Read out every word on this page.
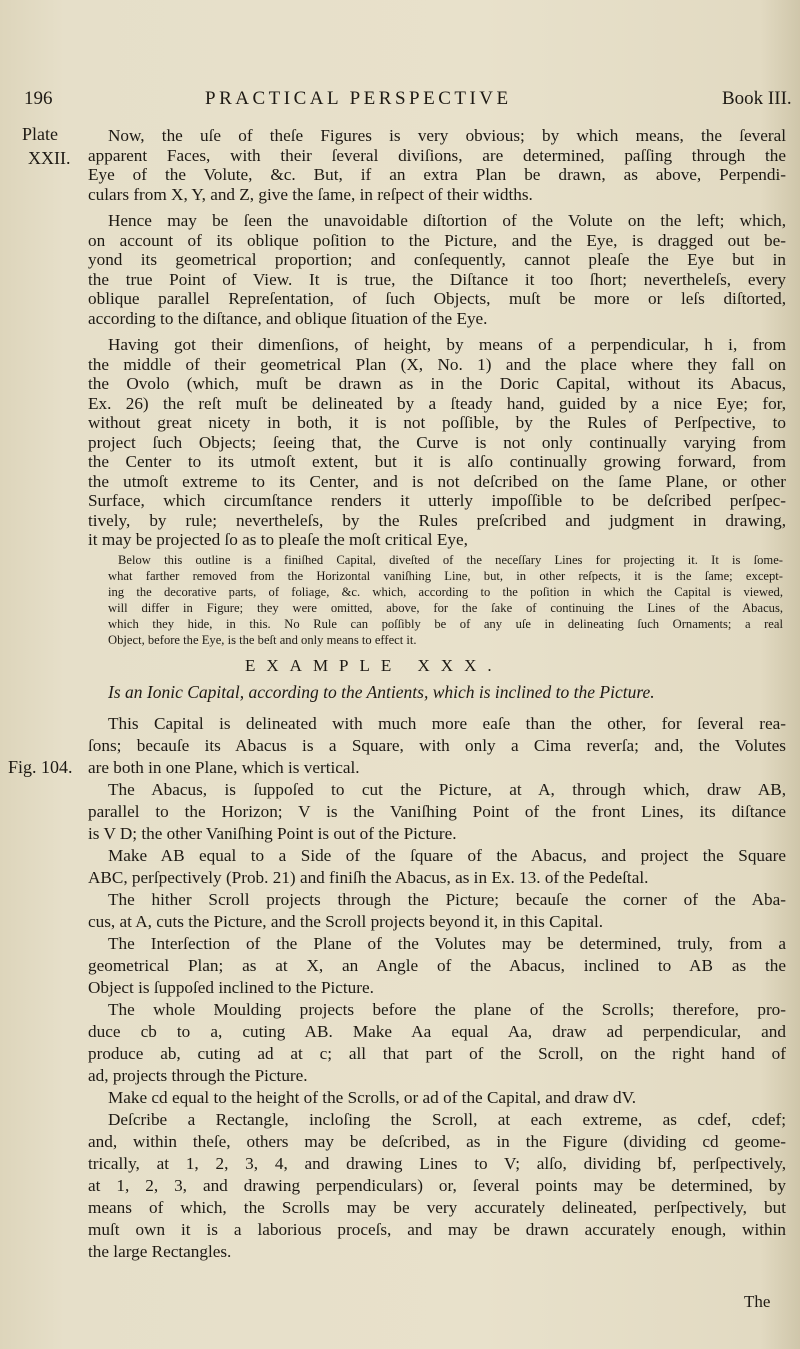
196	PRACTICAL PERSPECTIVE	Book III.
Plate
XXII.
Fig. 104.
Now, the uſe of theſe Figures is very obvious; by which means, the ſeveral
apparent Faces, with their ſeveral diviſions, are determined, paſſing through the
Eye of the Volute, &c. But, if an extra Plan be drawn, as above, Perpendi-
culars from X, Y, and Z, give the ſame, in reſpect of their widths.
Hence may be ſeen the unavoidable diſtortion of the Volute on the left; which,
on account of its oblique poſition to the Picture, and the Eye, is dragged out be-
yond its geometrical proportion; and conſequently, cannot pleaſe the Eye but in
the true Point of View. It is true, the Diſtance it too ſhort; nevertheleſs, every
oblique parallel Repreſentation, of ſuch Objects, muſt be more or leſs diſtorted,
according to the diſtance, and oblique ſituation of the Eye.
Having got their dimenſions, of height, by means of a perpendicular, h i, from
the middle of their geometrical Plan (X, No. 1) and the place where they fall on
the Ovolo (which, muſt be drawn as in the Doric Capital, without its Abacus,
Ex. 26) the reſt muſt be delineated by a ſteady hand, guided by a nice Eye; for,
without great nicety in both, it is not poſſible, by the Rules of Perſpective, to
project ſuch Objects; ſeeing that, the Curve is not only continually varying from
the Center to its utmoſt extent, but it is alſo continually growing forward, from
the utmoſt extreme to its Center, and is not deſcribed on the ſame Plane, or other
Surface, which circumſtance renders it utterly impoſſible to be deſcribed perſpec-
tively, by rule; nevertheleſs, by the Rules preſcribed and judgment in drawing,
it may be projected ſo as to pleaſe the moſt critical Eye,
Below this outline is a finiſhed Capital, diveſted of the neceſſary Lines for projecting it. It is ſome-
what farther removed from the Horizontal vaniſhing Line, but, in other reſpects, it is the ſame; except-
ing the decorative parts, of foliage, &c. which, according to the poſition in which the Capital is viewed,
will differ in Figure; they were omitted, above, for the ſake of continuing the Lines of the Abacus,
which they hide, in this. No Rule can poſſibly be of any uſe in delineating ſuch Ornaments; a real
Object, before the Eye, is the beſt and only means to effect it.
This Capital is delineated with much more eaſe than the other, for ſeveral rea-
ſons; becauſe its Abacus is a Square, with only a Cima reverſa; and, the Volutes
are both in one Plane, which is vertical.
The Abacus, is ſuppoſed to cut the Picture, at A, through which, draw AB,
parallel to the Horizon; V is the Vaniſhing Point of the front Lines, its diſtance
is V D; the other Vaniſhing Point is out of the Picture.
Make AB equal to a Side of the ſquare of the Abacus, and project the Square
ABC, perſpectively (Prob. 21) and finiſh the Abacus, as in Ex. 13. of the Pedeſtal.
The hither Scroll projects through the Picture; becauſe the corner of the Aba-
cus, at A, cuts the Picture, and the Scroll projects beyond it, in this Capital.
The Interſection of the Plane of the Volutes may be determined, truly, from a
geometrical Plan; as at X, an Angle of the Abacus, inclined to AB as the
Object is ſuppoſed inclined to the Picture.
The whole Moulding projects before the plane of the Scrolls; therefore, pro-
duce cb to a, cuting AB. Make Aa equal Aa, draw ad perpendicular, and
produce ab, cuting ad at c; all that part of the Scroll, on the right hand of
ad, projects through the Picture.
Make cd equal to the height of the Scrolls, or ad of the Capital, and draw dV.
Deſcribe a Rectangle, incloſing the Scroll, at each extreme, as cdef, cdef;
and, within theſe, others may be deſcribed, as in the Figure (dividing cd geome-
trically, at 1, 2, 3, 4, and drawing Lines to V; alſo, dividing bf, perſpectively,
at 1, 2, 3, and drawing perpendiculars) or, ſeveral points may be determined, by
means of which, the Scrolls may be very accurately delineated, perſpectively, but
muſt own it is a laborious proceſs, and may be drawn accurately enough, within
the large Rectangles.
EXAMPLE XXX.
Is an Ionic Capital, according to the Antients, which is inclined to the Picture.
The
